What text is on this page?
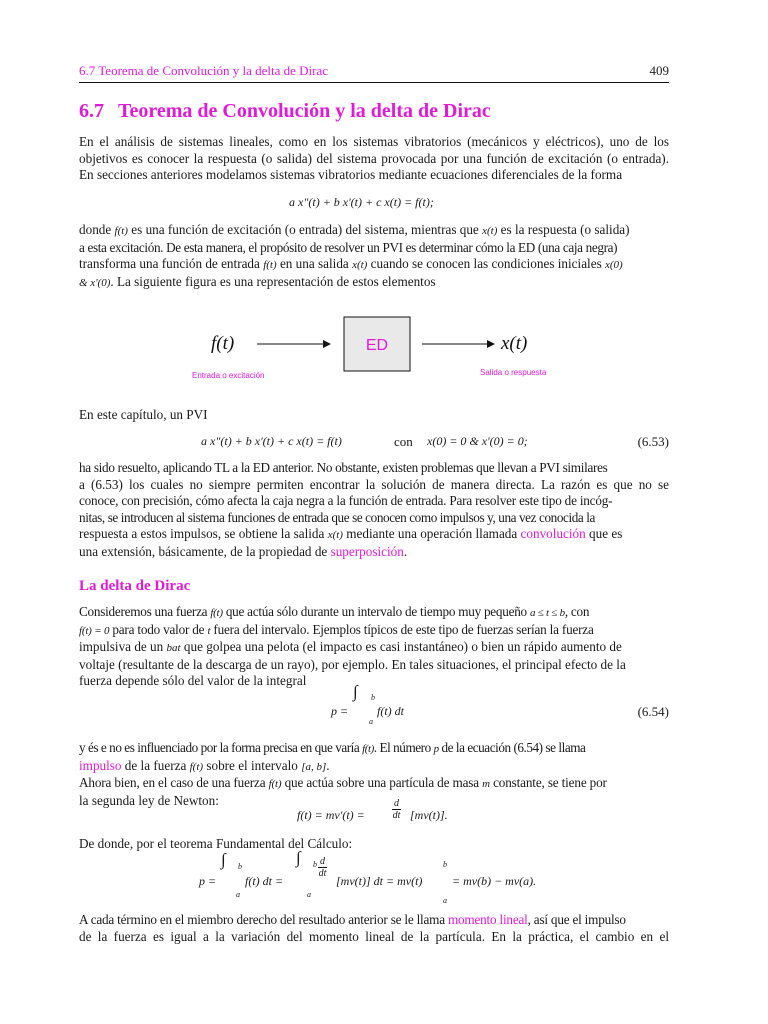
6.7 Teorema de Convolución y la delta de Dirac	409
6.7 Teorema de Convolución y la delta de Dirac
En el análisis de sistemas lineales, como en los sistemas vibratorios (mecánicos y eléctricos), uno de los
objetivos es conocer la respuesta (o salida) del sistema provocada por una función de excitación (o entrada).
En secciones anteriores modelamos sistemas vibratorios mediante ecuaciones diferenciales de la forma
a x"(t) + b x'(t) + c x(t) = f(t);
donde f(t) es una función de excitación (o entrada) del sistema, mientras que x(t) es la respuesta (o salida)
a esta excitación. De esta manera, el propósito de resolver un PVI es determinar cómo la ED (una caja negra)
transforma una función de entrada f(t) en una salida x(t) cuando se conocen las condiciones iniciales x(0)
& x'(0). La siguiente figura es una representación de estos elementos
f(t)	ED	x(t)
Entrada o excitación	Salida o respuesta
En este capítulo, un PVI
a x"(t) + b x'(t) + c x(t) = f(t)	con x(0) = 0 & x'(0) = 0;	(6.53)
ha sido resuelto, aplicando TL a la ED anterior. No obstante, existen problemas que llevan a PVI similares
a (6.53) los cuales no siempre permiten encontrar la solución de manera directa. La razón es que no se
conoce, con precisión, cómo afecta la caja negra a la función de entrada. Para resolver este tipo de incóg-
nitas, se introducen al sistema funciones de entrada que se conocen como impulsos y, una vez conocida la
respuesta a estos impulsos, se obtiene la salida x(t) mediante una operación llamada convolución que es
una extensión, básicamente, de la propiedad de superposición.
La delta de Dirac
Consideremos una fuerza f(t) que actúa sólo durante un intervalo de tiempo muy pequeño a ≤ t ≤ b, con
f(t) = 0 para todo valor de t fuera del intervalo. Ejemplos típicos de este tipo de fuerzas serían la fuerza
impulsiva de un bat que golpea una pelota (el impacto es casi instantáneo) o bien un rápido aumento de
voltaje (resultante de la descarga de un rayo), por ejemplo. En tales situaciones, el principal efecto de la
fuerza depende sólo del valor de la integral
p =
∫ b
a
f(t) dt	(6.54)
y és e no es influenciado por la forma precisa en que varía f(t). El número p de la ecuación (6.54) se llama
impulso de la fuerza f(t) sobre el intervalo [a, b].
Ahora bien, en el caso de una fuerza f(t) que actúa sobre una partícula de masa m constante, se tiene por
la segunda ley de Newton:
f(t) = mv'(t) =	$\frac{d}{dt} [mv(t)]$.
De donde, por el teorema Fundamental del Cálculo:
p =
∫ b
a
f(t) dt =
∫ b
a
$\frac{d}{dt}$
[mv(t)] dt = mv(t)
b
a
= mv(b) − mv(a).
A cada término en el miembro derecho del resultado anterior se le llama momento lineal, así que el impulso
de la fuerza es igual a la variación del momento lineal de la partícula. En la práctica, el cambio en el
